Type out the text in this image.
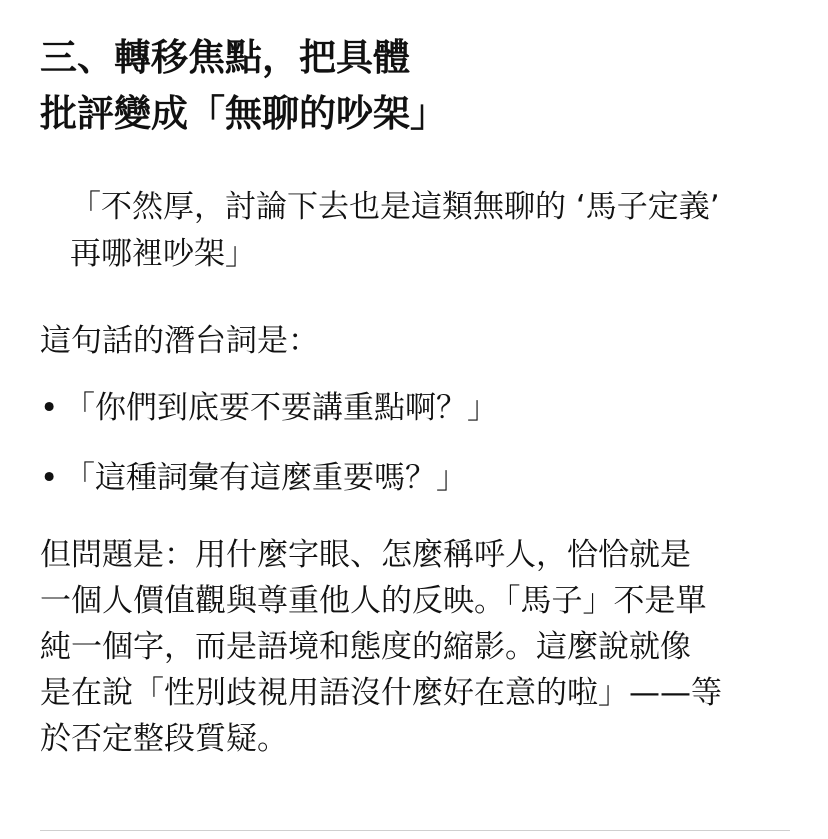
三、轉移焦點，把具體
批評變成「無聊的吵架」
「不然厚，討論下去也是這類無聊的 ‘馬子定義’
再哪裡吵架」

這句話的潛台詞是：

• 「你們到底要不要講重點啊？」
• 「這種詞彙有這麼重要嗎？」

但問題是：用什麼字眼、怎麼稱呼人，恰恰就是
一個人價值觀與尊重他人的反映。「馬子」不是單
純一個字，而是語境和態度的縮影。這麼說就像
是在說「性別歧視用語沒什麼好在意的啦」——等
於否定整段質疑。
